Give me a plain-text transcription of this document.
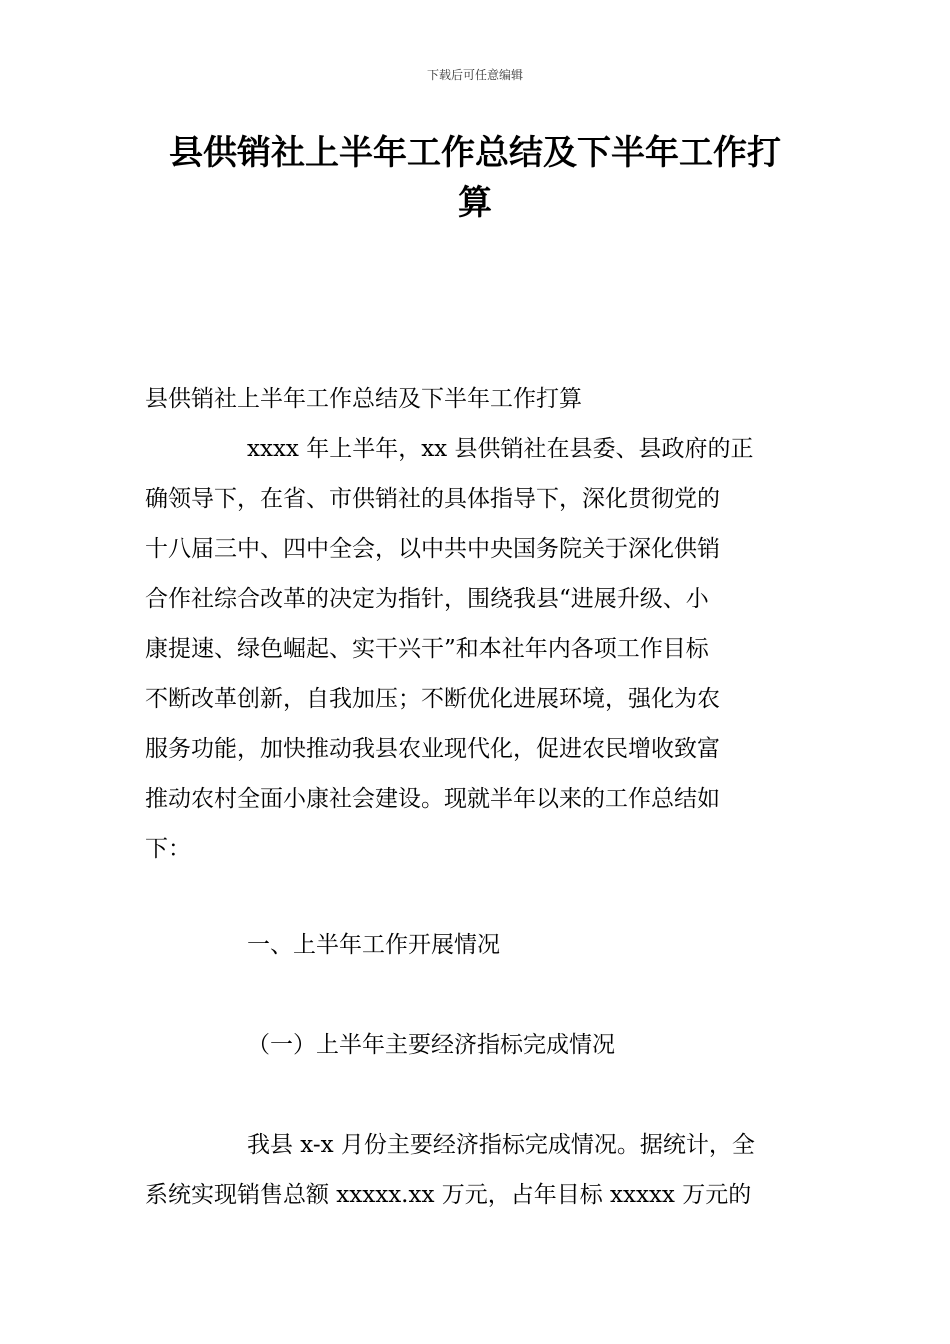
下载后可任意编辑
县供销社上半年工作总结及下半年工作打
算
县供销社上半年工作总结及下半年工作打算
xxxx 年上半年，xx 县供销社在县委、县政府的正
确领导下，在省、市供销社的具体指导下，深化贯彻党的
十八届三中、四中全会，以中共中央国务院关于深化供销
合作社综合改革的决定为指针，围绕我县“进展升级、小
康提速、绿色崛起、实干兴干”和本社年内各项工作目标
不断改革创新，自我加压；不断优化进展环境，强化为农
服务功能，加快推动我县农业现代化，促进农民增收致富
推动农村全面小康社会建设。现就半年以来的工作总结如
下：
一、上半年工作开展情况
（一）上半年主要经济指标完成情况
我县 x-x 月份主要经济指标完成情况。据统计，全
系统实现销售总额 xxxxx.xx 万元，占年目标 xxxxx 万元的
